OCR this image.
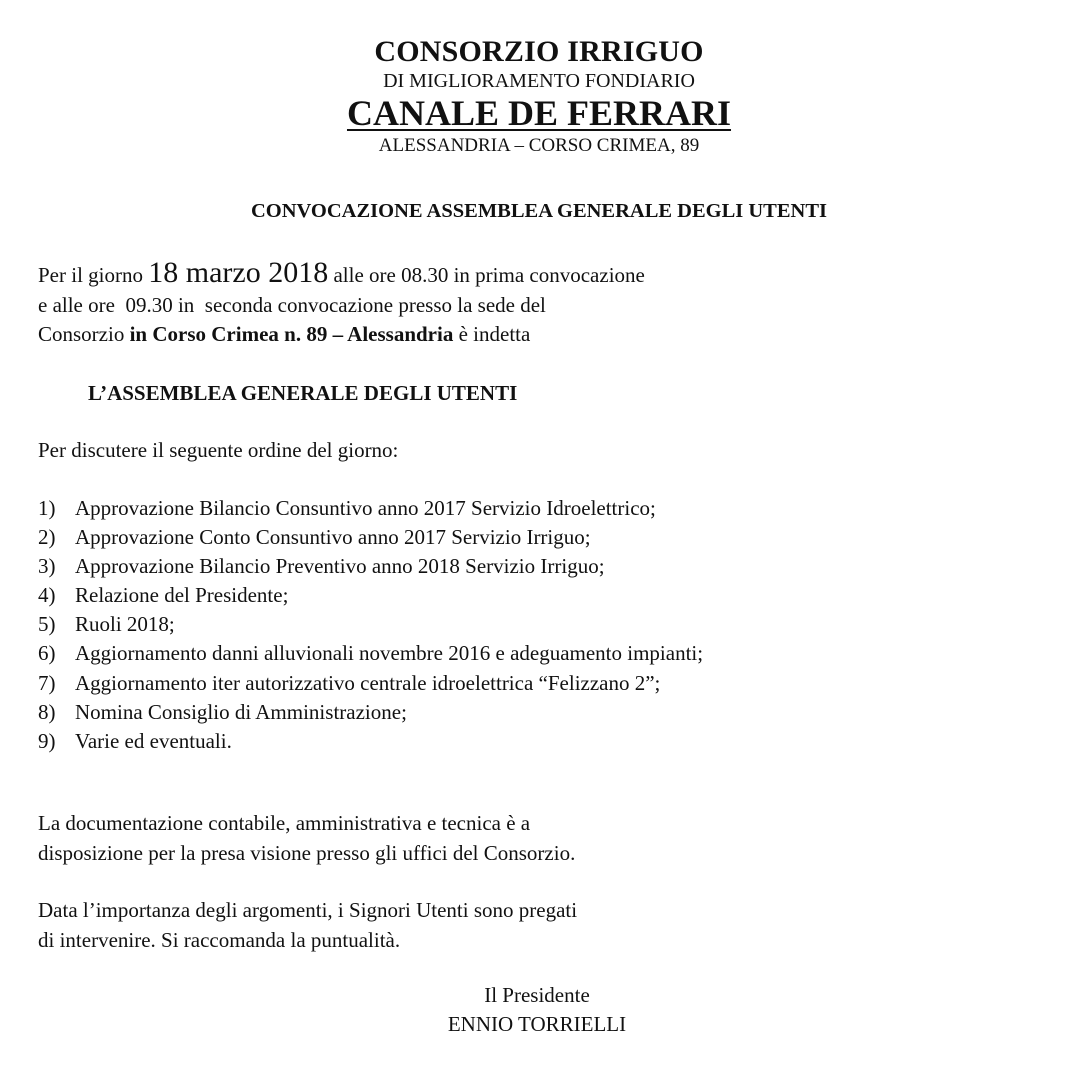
CONSORZIO IRRIGUO
DI MIGLIORAMENTO FONDIARIO
CANALE DE FERRARI
ALESSANDRIA – CORSO CRIMEA, 89
CONVOCAZIONE ASSEMBLEA GENERALE DEGLI UTENTI
Per il giorno 18 marzo 2018 alle ore 08.30 in prima convocazione
e alle ore  09.30 in  seconda convocazione presso la sede del
Consorzio in Corso Crimea n. 89 – Alessandria è indetta
L’ASSEMBLEA GENERALE DEGLI UTENTI
Per discutere il seguente ordine del giorno:
1) Approvazione Bilancio Consuntivo anno 2017 Servizio Idroelettrico;
2) Approvazione Conto Consuntivo anno 2017 Servizio Irriguo;
3) Approvazione Bilancio Preventivo anno 2018 Servizio Irriguo;
4) Relazione del Presidente;
5) Ruoli 2018;
6) Aggiornamento danni alluvionali novembre 2016 e adeguamento impianti;
7) Aggiornamento iter autorizzativo centrale idroelettrica “Felizzano 2”;
8) Nomina Consiglio di Amministrazione;
9) Varie ed eventuali.
La documentazione contabile, amministrativa e tecnica è a
disposizione per la presa visione presso gli uffici del Consorzio.
Data l’importanza degli argomenti, i Signori Utenti sono pregati
di intervenire. Si raccomanda la puntualità.
Il Presidente
ENNIO TORRIELLI
